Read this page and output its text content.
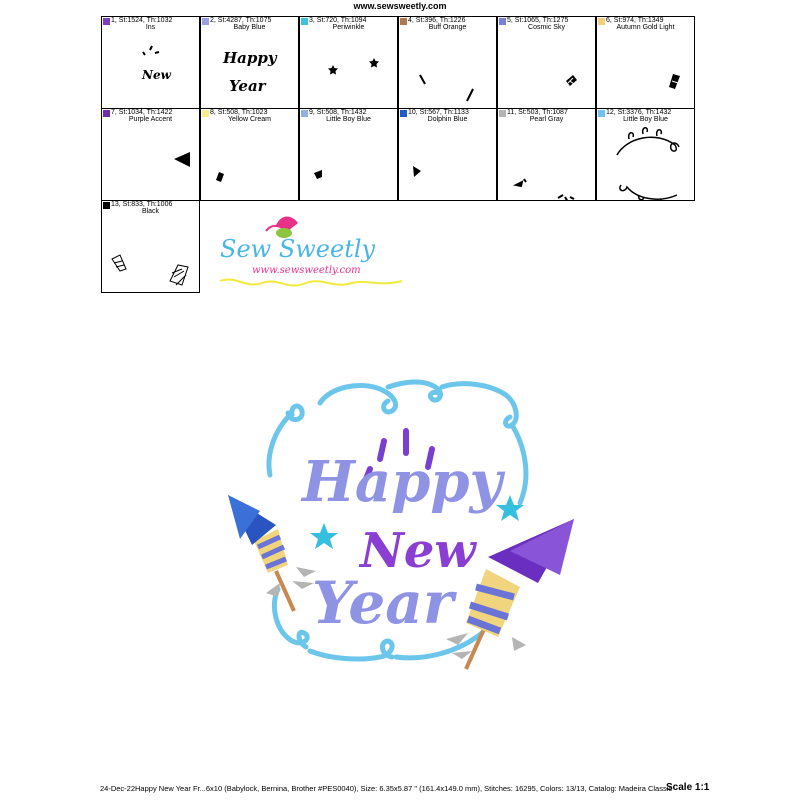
www.sewsweetly.com
1, St:1524, Th:1032
Ins
New
2, St:4287, Th:1075
Baby Blue
Happy
Year
3, St:720, Th:1094
Periwinkle
4, St:396, Th:1226
Buff Orange
5, St:1065, Th:1275
Cosmic Sky
6, St:974, Th:1349
Autumn Gold Light
7, St:1034, Th:1422
Purple Accent
8, St:508, Th:1023
Yellow Cream
9, St:508, Th:1432
Little Boy Blue
10, St:567, Th:1133
Dolphin Blue
11, St:503, Th:1087
Pearl Gray
12, St:3376, Th:1432
Little Boy Blue
13, St:833, Th:1006
Black
Sew Sweetly
www.sewsweetly.com
Happy
New
Year
24-Dec-22Happy New Year Fr...6x10 (Babylock, Bernina, Brother #PES0040), Size: 6.35x5.87 " (161.4x149.0 mm), Stitches: 16295, Colors: 13/13, Catalog: Madeira Classic
Scale 1:1
